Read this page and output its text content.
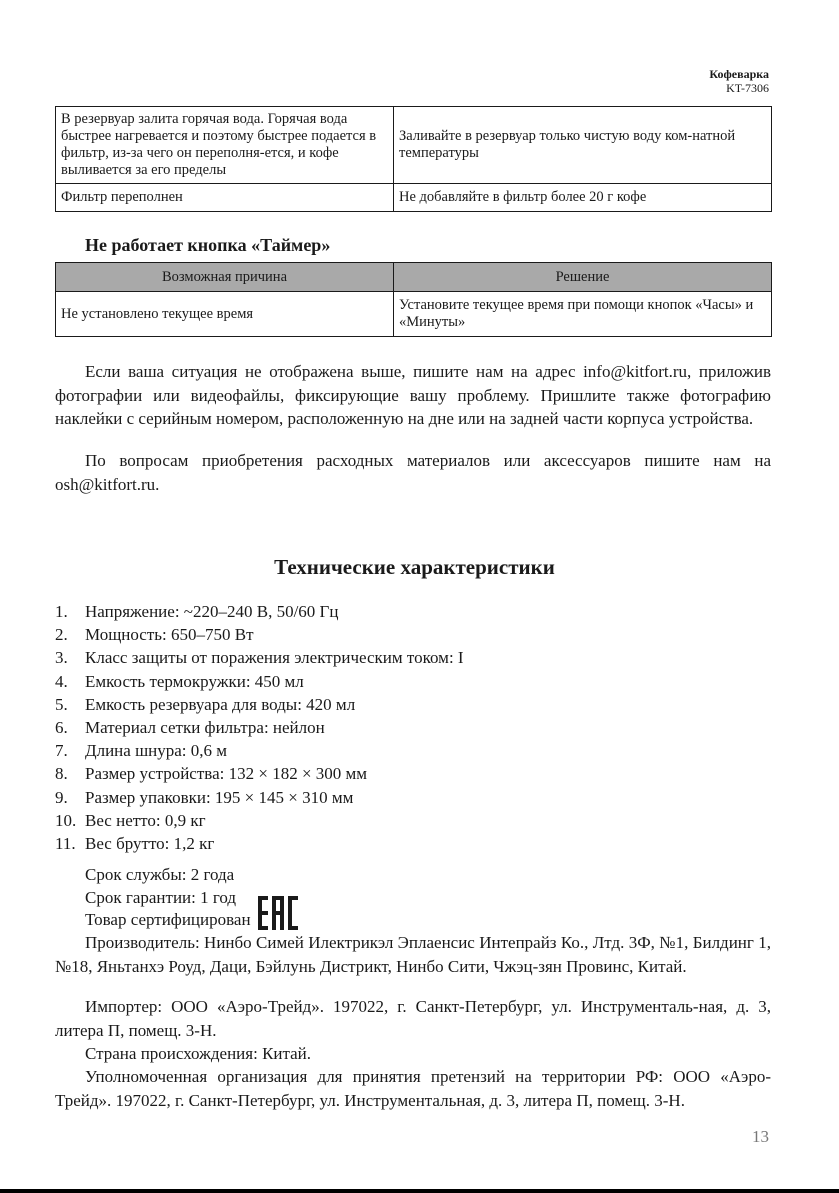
Кофеварка
KT-7306
В резервуар залита горячая вода. Горячая вода быстрее нагревается и поэтому быстрее подается в фильтр, из-за чего он переполня-ется, и кофе выливается за его пределы	Заливайте в резервуар только чистую воду ком-натной температуры
Фильтр переполнен	Не добавляйте в фильтр более 20 г кофе
Не работает кнопка «Таймер»
Возможная причина	Решение
Не установлено текущее время	Установите текущее время при помощи кнопок «Часы» и «Минуты»

Если ваша ситуация не отображена выше, пишите нам на адрес info@kitfort.ru, приложив фотографии или видеофайлы, фиксирующие вашу проблему. Пришлите также фотографию наклейки с серийным номером, расположенную на дне или на задней части корпуса устройства.

По вопросам приобретения расходных материалов или аксессуаров пишите нам на osh@kitfort.ru.

Технические характеристики
1.	Напряжение: ~220–240 В, 50/60 Гц
2.	Мощность: 650–750 Вт
3.	Класс защиты от поражения электрическим током: I
4.	Емкость термокружки: 450 мл
5.	Емкость резервуара для воды: 420 мл
6.	Материал сетки фильтра: нейлон
7.	Длина шнура: 0,6 м
8.	Размер устройства: 132 × 182 × 300 мм
9.	Размер упаковки: 195 × 145 × 310 мм
10. Вес нетто: 0,9 кг
11. Вес брутто: 1,2 кг
Срок службы: 2 года
Срок гарантии: 1 год
Товар сертифицирован

Производитель: Нинбо Симей Илектрикэл Эплаенсис Интепрайз Ко., Лтд. 3Ф, №1, Билдинг 1, №18, Яньтанхэ Роуд, Даци, Бэйлунь Дистрикт, Нинбо Сити, Чжэц-зян Провинс, Китай.

Импортер: ООО «Аэро-Трейд». 197022, г. Санкт-Петербург, ул. Инструменталь-ная, д. 3, литера П, помещ. 3-Н.

Страна происхождения: Китай.

Уполномоченная организация для принятия претензий на территории РФ: ООО «Аэро-Трейд». 197022, г. Санкт-Петербург, ул. Инструментальная, д. 3, литера П, помещ. 3-Н.

13
